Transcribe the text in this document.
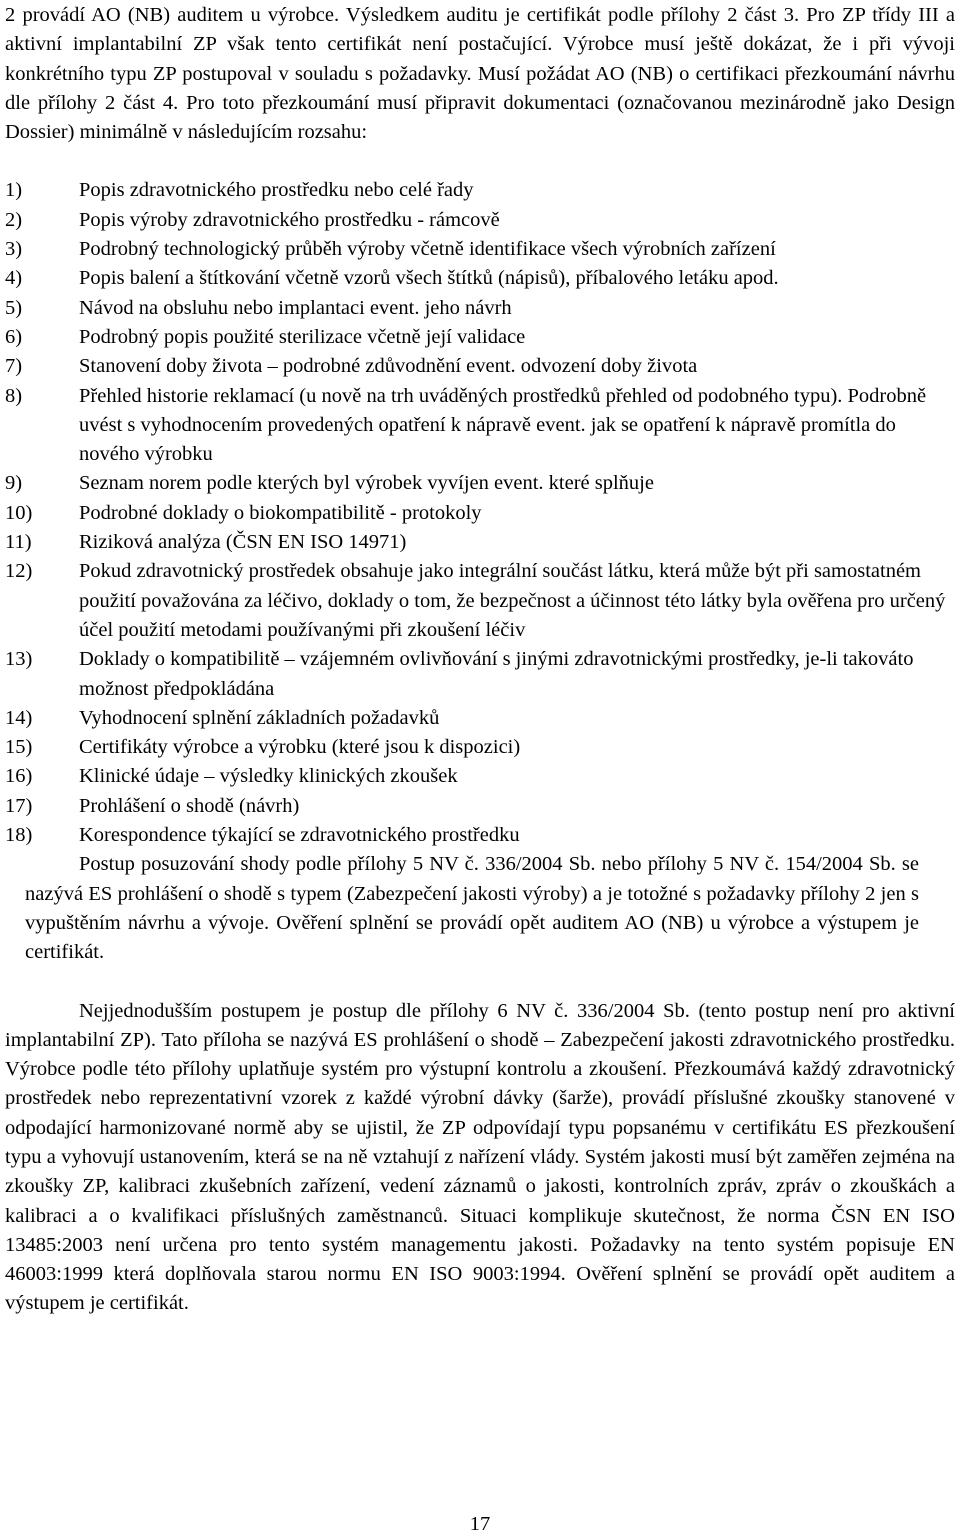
2 provádí AO (NB) auditem u výrobce. Výsledkem auditu je certifikát podle přílohy 2 část 3. Pro ZP třídy III a aktivní implantabilní ZP však tento certifikát není postačující. Výrobce musí ještě dokázat, že i při vývoji konkrétního typu ZP postupoval v souladu s požadavky. Musí požádat AO (NB) o certifikaci přezkoumání návrhu dle přílohy 2 část 4. Pro toto přezkoumání musí připravit dokumentaci (označovanou mezinárodně jako Design Dossier) minimálně v následujícím rozsahu:

1)	Popis zdravotnického prostředku nebo celé řady
2)	Popis výroby zdravotnického prostředku - rámcově
3)	Podrobný technologický průběh výroby včetně identifikace všech výrobních zařízení
4)	Popis balení a štítkování včetně vzorů všech štítků (nápisů), příbalového letáku apod.
5)	Návod na obsluhu nebo implantaci event. jeho návrh
6)	Podrobný popis použité sterilizace včetně její validace
7)	Stanovení doby života – podrobné zdůvodnění event. odvození doby života
8)	Přehled historie reklamací (u nově na trh uváděných prostředků přehled od podobného typu). Podrobně uvést s vyhodnocením provedených opatření k nápravě event. jak se opatření k nápravě promítla do nového výrobku
9)	Seznam norem podle kterých byl výrobek vyvíjen event. které splňuje
10)	Podrobné doklady o biokompatibilitě - protokoly
11)	Riziková analýza (ČSN EN ISO 14971)
12)	Pokud zdravotnický prostředek obsahuje jako integrální součást látku, která může být při samostatném použití považována za léčivo, doklady o tom, že bezpečnost a účinnost této látky byla ověřena pro určený účel použití metodami používanými při zkoušení léčiv
13)	Doklady o kompatibilitě – vzájemném ovlivňování s jinými zdravotnickými prostředky, je-li takováto možnost předpokládána
14)	Vyhodnocení splnění základních požadavků
15)	Certifikáty výrobce a výrobku (které jsou k dispozici)
16)	Klinické údaje – výsledky klinických zkoušek
17)	Prohlášení o shodě (návrh)
18)	Korespondence týkající se zdravotnického prostředku

Postup posuzování shody podle přílohy 5 NV č. 336/2004 Sb. nebo přílohy 5 NV č. 154/2004 Sb. se nazývá ES prohlášení o shodě s typem (Zabezpečení jakosti výroby) a je totožné s požadavky přílohy 2 jen s vypuštěním návrhu a vývoje. Ověření splnění se provádí opět auditem AO (NB) u výrobce a výstupem je certifikát.

Nejjednodušším postupem je postup dle přílohy 6 NV č. 336/2004 Sb. (tento postup není pro aktivní implantabilní ZP). Tato příloha se nazývá ES prohlášení o shodě – Zabezpečení jakosti zdravotnického prostředku. Výrobce podle této přílohy uplatňuje systém pro výstupní kontrolu a zkoušení. Přezkoumává každý zdravotnický prostředek nebo reprezentativní vzorek z každé výrobní dávky (šarže), provádí příslušné zkoušky stanovené v odpodající harmonizované normě aby se ujistil, že ZP odpovídají typu popsanému v certifikátu ES přezkoušení typu a vyhovují ustanovením, která se na ně vztahují z nařízení vlády. Systém jakosti musí být zaměřen zejména na zkoušky ZP, kalibraci zkušebních zařízení, vedení záznamů o jakosti, kontrolních zpráv, zpráv o zkouškách a kalibraci a o kvalifikaci příslušných zaměstnanců. Situaci komplikuje skutečnost, že norma ČSN EN ISO 13485:2003 není určena pro tento systém managementu jakosti. Požadavky na tento systém popisuje EN 46003:1999 která doplňovala starou normu EN ISO 9003:1994. Ověření splnění se provádí opět auditem a výstupem je certifikát.

17
